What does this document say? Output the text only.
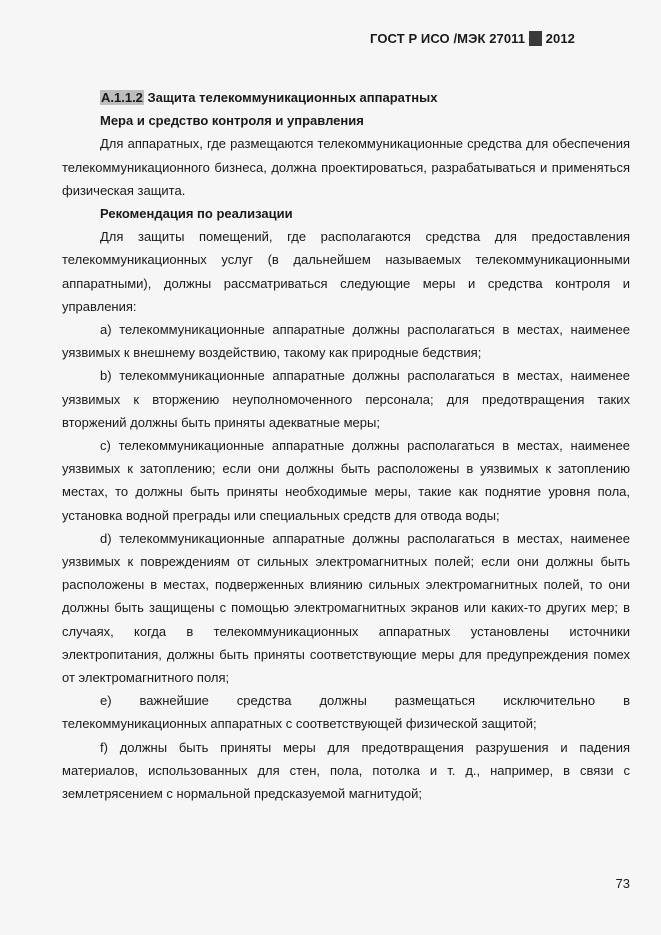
ГОСТ Р ИСО /МЭК 27011 — 2012

А.1.1.2 Защита телекоммуникационных аппаратных

Мера и средство контроля и управления

Для аппаратных, где размещаются телекоммуникационные средства для обеспечения телекоммуникационного бизнеса, должна проектироваться, разрабатываться и применяться физическая защита.

Рекомендация по реализации

Для защиты помещений, где располагаются средства для предоставления телекоммуникационных услуг (в дальнейшем называемых телекоммуникационными аппаратными), должны рассматриваться следующие меры и средства контроля и управления:

а) телекоммуникационные аппаратные должны располагаться в местах, наименее уязвимых к внешнему воздействию, такому как природные бедствия;

b) телекоммуникационные аппаратные должны располагаться в местах, наименее уязвимых к вторжению неуполномоченного персонала; для предотвращения таких вторжений должны быть приняты адекватные меры;

с) телекоммуникационные аппаратные должны располагаться в местах, наименее уязвимых к затоплению; если они должны быть расположены в уязвимых к затоплению местах, то должны быть приняты необходимые меры, такие как поднятие уровня пола, установка водной преграды или специальных средств для отвода воды;

d) телекоммуникационные аппаратные должны располагаться в местах, наименее уязвимых к повреждениям от сильных электромагнитных полей; если они должны быть расположены в местах, подверженных влиянию сильных электромагнитных полей, то они должны быть защищены с помощью электромагнитных экранов или каких-то других мер; в случаях, когда в телекоммуникационных аппаратных установлены источники электропитания, должны быть приняты соответствующие меры для предупреждения помех от электромагнитного поля;

е) важнейшие средства должны размещаться исключительно в телекоммуникационных аппаратных с соответствующей физической защитой;

f) должны быть приняты меры для предотвращения разрушения и падения материалов, использованных для стен, пола, потолка и т. д., например, в связи с землетрясением с нормальной предсказуемой магнитудой;

73
